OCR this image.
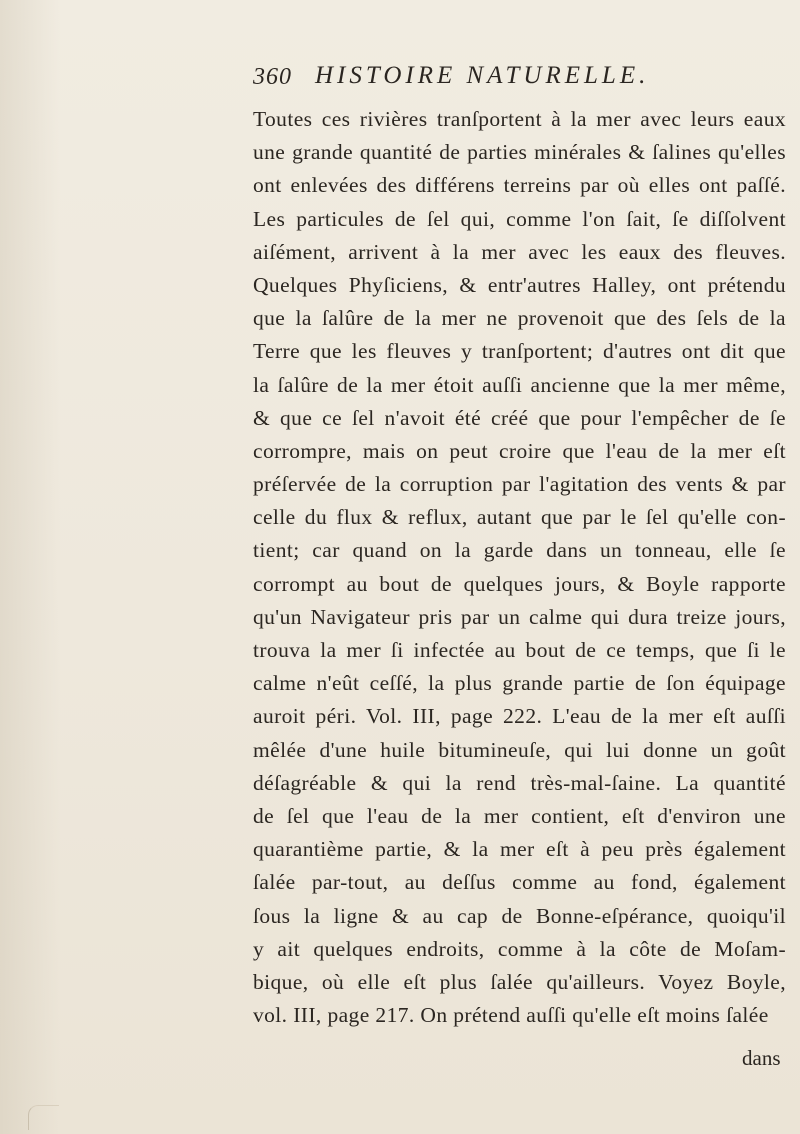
360 HISTOIRE NATURELLE.
Toutes ces rivières tranſportent à la mer avec leurs eaux
une grande quantité de parties minérales & ſalines qu'elles
ont enlevées des différens terreins par où elles ont paſſé.
Les particules de ſel qui, comme l'on ſait, ſe diſſolvent
aiſément, arrivent à la mer avec les eaux des fleuves.
Quelques Phyſiciens, & entr'autres Halley, ont prétendu
que la ſalûre de la mer ne provenoit que des ſels de la
Terre que les fleuves y tranſportent; d'autres ont dit que
la ſalûre de la mer étoit auſſi ancienne que la mer même,
& que ce ſel n'avoit été créé que pour l'empêcher de ſe
corrompre, mais on peut croire que l'eau de la mer eſt
préſervée de la corruption par l'agitation des vents & par
celle du flux & reflux, autant que par le ſel qu'elle con-
tient; car quand on la garde dans un tonneau, elle ſe
corrompt au bout de quelques jours, & Boyle rapporte
qu'un Navigateur pris par un calme qui dura treize jours,
trouva la mer ſi infectée au bout de ce temps, que ſi le
calme n'eût ceſſé, la plus grande partie de ſon équipage
auroit péri. Vol. III, page 222. L'eau de la mer eſt auſſi
mêlée d'une huile bitumineuſe, qui lui donne un goût
déſagréable & qui la rend très-mal-ſaine. La quantité
de ſel que l'eau de la mer contient, eſt d'environ une
quarantième partie, & la mer eſt à peu près également
ſalée par-tout, au deſſus comme au fond, également
ſous la ligne & au cap de Bonne-eſpérance, quoiqu'il
y ait quelques endroits, comme à la côte de Moſam-
bique, où elle eſt plus ſalée qu'ailleurs. Voyez Boyle,
vol. III, page 217. On prétend auſſi qu'elle eſt moins ſalée
dans
